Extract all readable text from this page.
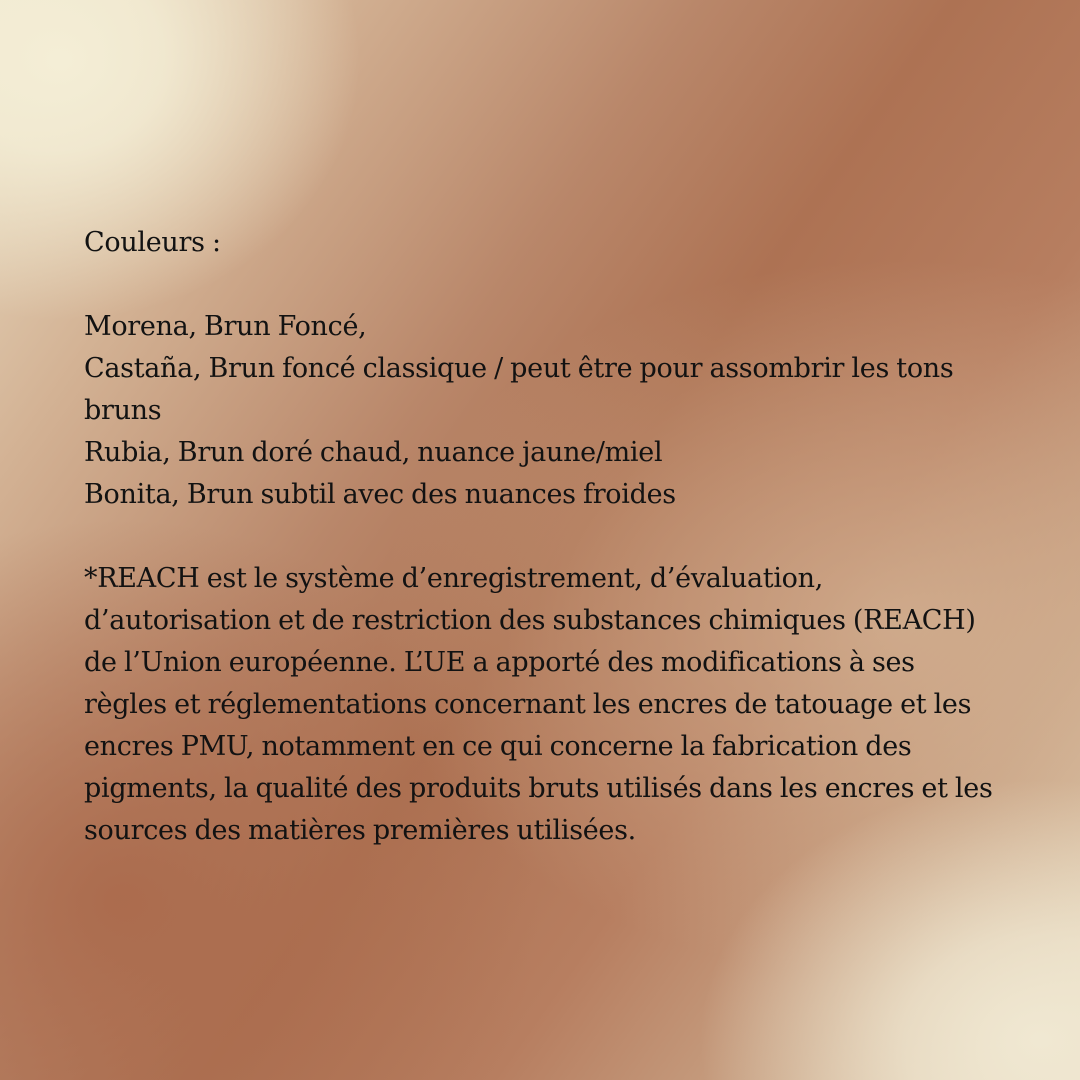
Couleurs :
Morena, Brun Foncé,
Castaña, Brun foncé classique / peut être pour assombrir les tons bruns
Rubia, Brun doré chaud, nuance jaune/miel
Bonita, Brun subtil avec des nuances froides
*REACH est le système d’enregistrement, d’évaluation, d’autorisation et de restriction des substances chimiques (REACH) de l’Union européenne. L’UE a apporté des modifications à ses règles et réglementations concernant les encres de tatouage et les encres PMU, notamment en ce qui concerne la fabrication des pigments, la qualité des produits bruts utilisés dans les encres et les sources des matières premières utilisées.
